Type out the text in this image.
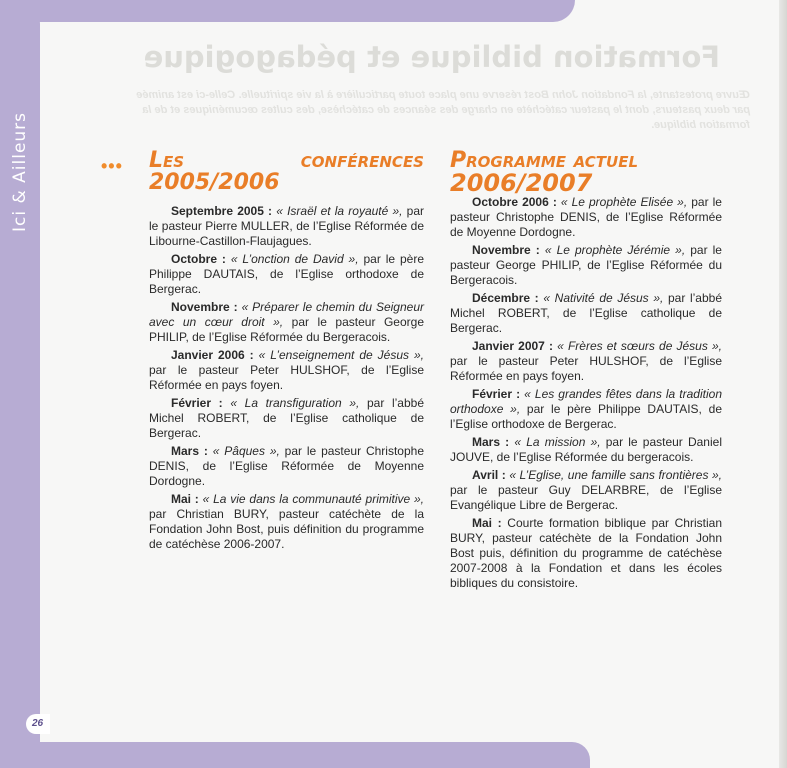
26
Formation biblique et pédagogique
Œuvre protestante, la Fondation John Bost réserve une place toute particulière à la vie spirituelle. Celle-ci est animée par deux pasteurs, dont le pasteur catéchète en charge des séances de catéchèse, des cultes œcuméniques et de la formation biblique.
••• Les conférences 2005/2006

Septembre 2005 : « Israël et la royauté », par le pasteur Pierre MULLER, de l’Eglise Réformée de Libourne-Castillon-Flaujagues.

Octobre : « L’onction de David », par le père Philippe DAUTAIS, de l’Eglise orthodoxe de Bergerac.

Novembre : « Préparer le chemin du Seigneur avec un cœur droit », par le pasteur George PHILIP, de l’Eglise Réformée du Bergeracois.

Janvier 2006 : « L’enseignement de Jésus », par le pasteur Peter HULSHOF, de l’Eglise Réformée en pays foyen.

Février : « La transfiguration », par l’abbé Michel ROBERT, de l’Eglise catholique de Bergerac.

Mars : « Pâques », par le pasteur Christophe DENIS, de l’Eglise Réformée de Moyenne Dordogne.

Mai : « La vie dans la communauté primitive », par Christian BURY, pasteur catéchète de la Fondation John Bost, puis définition du programme de catéchèse 2006-2007.

Programme actuel
2006/2007

Octobre 2006 : « Le prophète Elisée », par le pasteur Christophe DENIS, de l’Eglise Réformée de Moyenne Dordogne.

Novembre : « Le prophète Jérémie », par le pasteur George PHILIP, de l’Eglise Réformée du Bergeracois.

Décembre : « Nativité de Jésus », par l’abbé Michel ROBERT, de l’Eglise catholique de Bergerac.

Janvier 2007 : « Frères et sœurs de Jésus », par le pasteur Peter HULSHOF, de l’Eglise Réformée en pays foyen.

Février : « Les grandes fêtes dans la tradition orthodoxe », par le père Philippe DAUTAIS, de l’Eglise orthodoxe de Bergerac.

Mars : « La mission », par le pasteur Daniel JOUVE, de l’Eglise Réformée du bergeracois.

Avril : « L’Eglise, une famille sans frontières », par le pasteur Guy DELARBRE, de l’Eglise Evangélique Libre de Bergerac.

Mai : Courte formation biblique par Christian BURY, pasteur catéchète de la Fondation John Bost puis, définition du programme de catéchèse 2007-2008 à la Fondation et dans les écoles bibliques du consistoire.
